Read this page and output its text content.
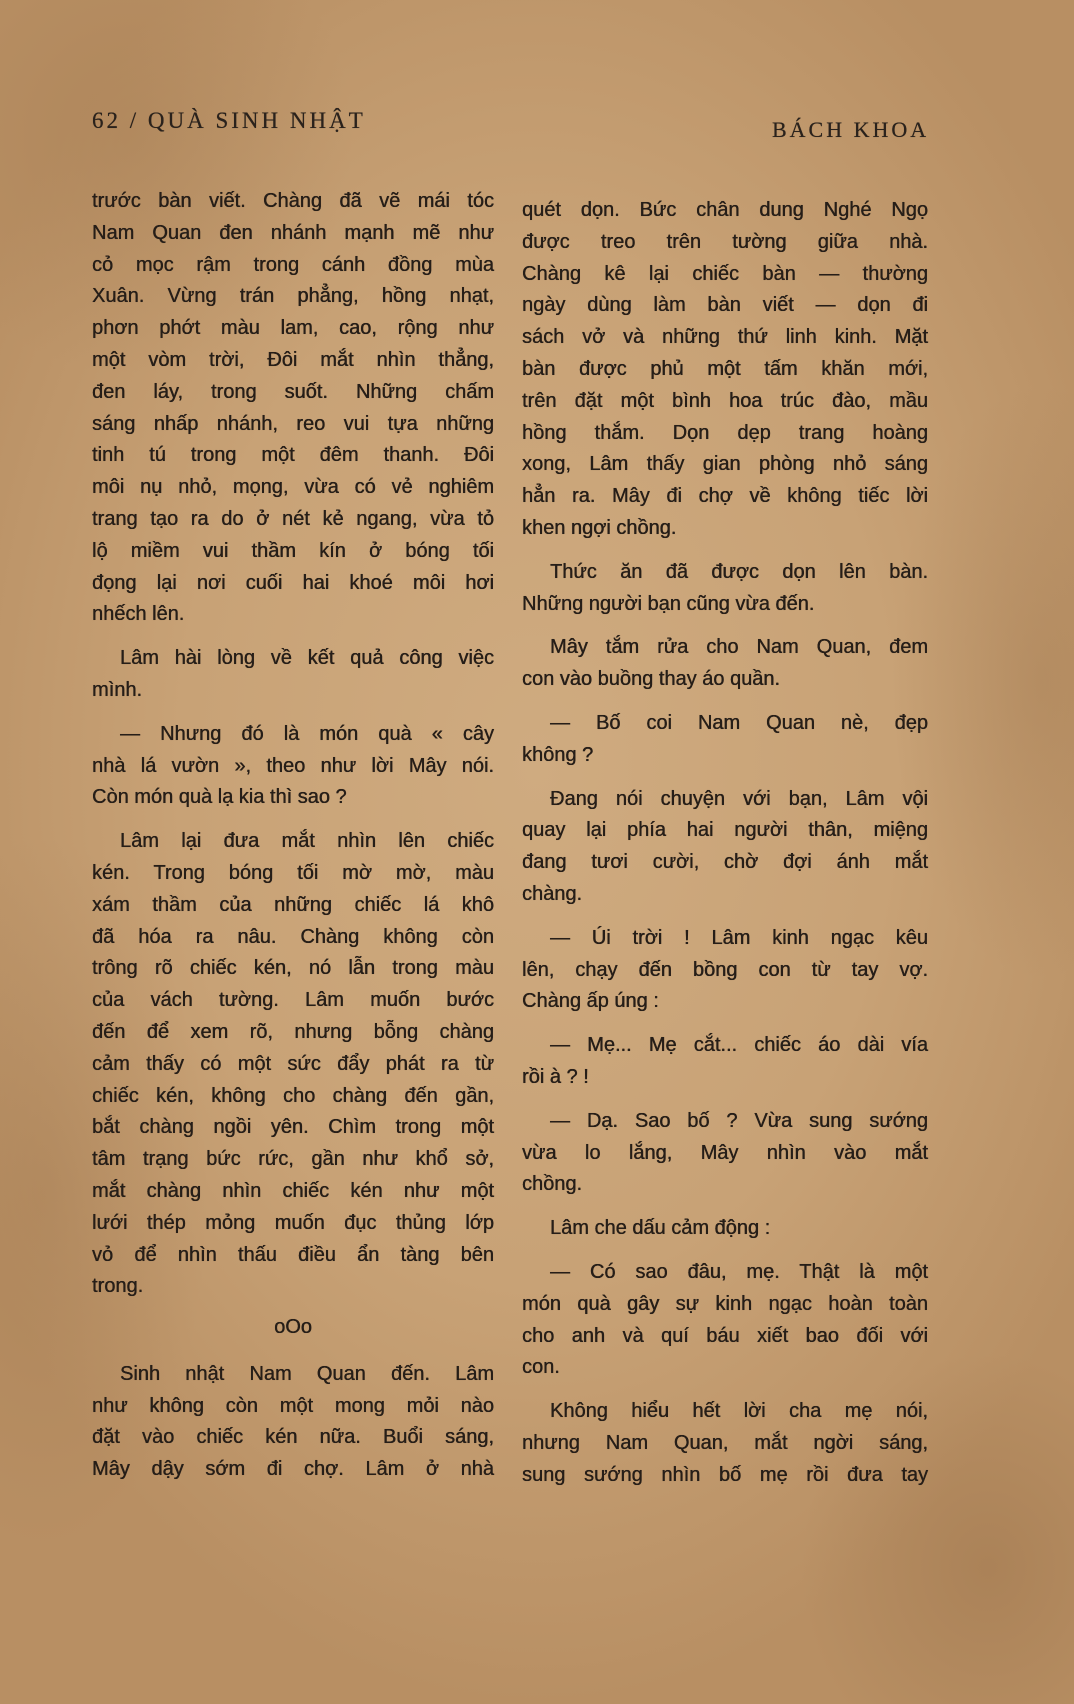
62 / QUÀ SINH NHẬT	BÁCH KHOA
trước bàn viết. Chàng đã vẽ mái tóc
Nam Quan đen nhánh mạnh mẽ như
cỏ mọc rậm trong cánh đồng mùa
Xuân. Vừng trán phẳng, hồng nhạt,
phơn phớt màu lam, cao, rộng như
một vòm trời, Đôi mắt nhìn thẳng,
đen láy, trong suốt. Những chấm
sáng nhấp nhánh, reo vui tựa những
tinh tú trong một đêm thanh. Đôi
môi nụ nhỏ, mọng, vừa có vẻ nghiêm
trang tạo ra do ở nét kẻ ngang, vừa tỏ
lộ miềm vui thầm kín ở bóng tối
đọng lại nơi cuối hai khoé môi hơi
nhếch lên.
Lâm hài lòng về kết quả công việc
mình.
— Nhưng đó là món quà « cây
nhà lá vườn », theo như lời Mây nói.
Còn món quà lạ kia thì sao ?
Lâm lại đưa mắt nhìn lên chiếc
kén. Trong bóng tối mờ mờ, màu
xám thầm của những chiếc lá khô
đã hóa ra nâu. Chàng không còn
trông rõ chiếc kén, nó lẫn trong màu
của vách tường. Lâm muốn bước
đến để xem rõ, nhưng bỗng chàng
cảm thấy có một sức đẩy phát ra từ
chiếc kén, không cho chàng đến gần,
bắt chàng ngồi yên. Chìm trong một
tâm trạng bức rức, gần như khổ sở,
mắt chàng nhìn chiếc kén như một
lưới thép mỏng muốn đục thủng lớp
vỏ để nhìn thấu điều ẩn tàng bên
trong.
oOo
Sinh nhật Nam Quan đến. Lâm
như không còn một mong mỏi nào
đặt vào chiếc kén nữa. Buổi sáng,
Mây dậy sớm đi chợ. Lâm ở nhà
quét dọn. Bức chân dung Nghé Ngọ
được treo trên tường giữa nhà.
Chàng kê lại chiếc bàn — thường
ngày dùng làm bàn viết — dọn đi
sách vở và những thứ linh kinh. Mặt
bàn được phủ một tấm khăn mới,
trên đặt một bình hoa trúc đào, mầu
hồng thắm. Dọn dẹp trang hoàng
xong, Lâm thấy gian phòng nhỏ sáng
hẳn ra. Mây đi chợ về không tiếc lời
khen ngợi chồng.
Thức ăn đã được dọn lên bàn.
Những người bạn cũng vừa đến.
Mây tắm rửa cho Nam Quan, đem
con vào buồng thay áo quần.
— Bố coi Nam Quan nè, đẹp
không ?
Đang nói chuyện với bạn, Lâm vội
quay lại phía hai người thân, miệng
đang tươi cười, chờ đợi ánh mắt
chàng.
— Úi trời ! Lâm kinh ngạc kêu
lên, chạy đến bồng con từ tay vợ.
Chàng ấp úng :
— Mẹ... Mẹ cắt... chiếc áo dài vía
rồi à ? !
— Dạ. Sao bố ? Vừa sung sướng
vừa lo lắng, Mây nhìn vào mắt
chồng.
Lâm che dấu cảm động :
— Có sao đâu, mẹ. Thật là một
món quà gây sự kinh ngạc hoàn toàn
cho anh và quí báu xiết bao đối với
con.
Không hiểu hết lời cha mẹ nói,
nhưng Nam Quan, mắt ngời sáng,
sung sướng nhìn bố mẹ rồi đưa tay
